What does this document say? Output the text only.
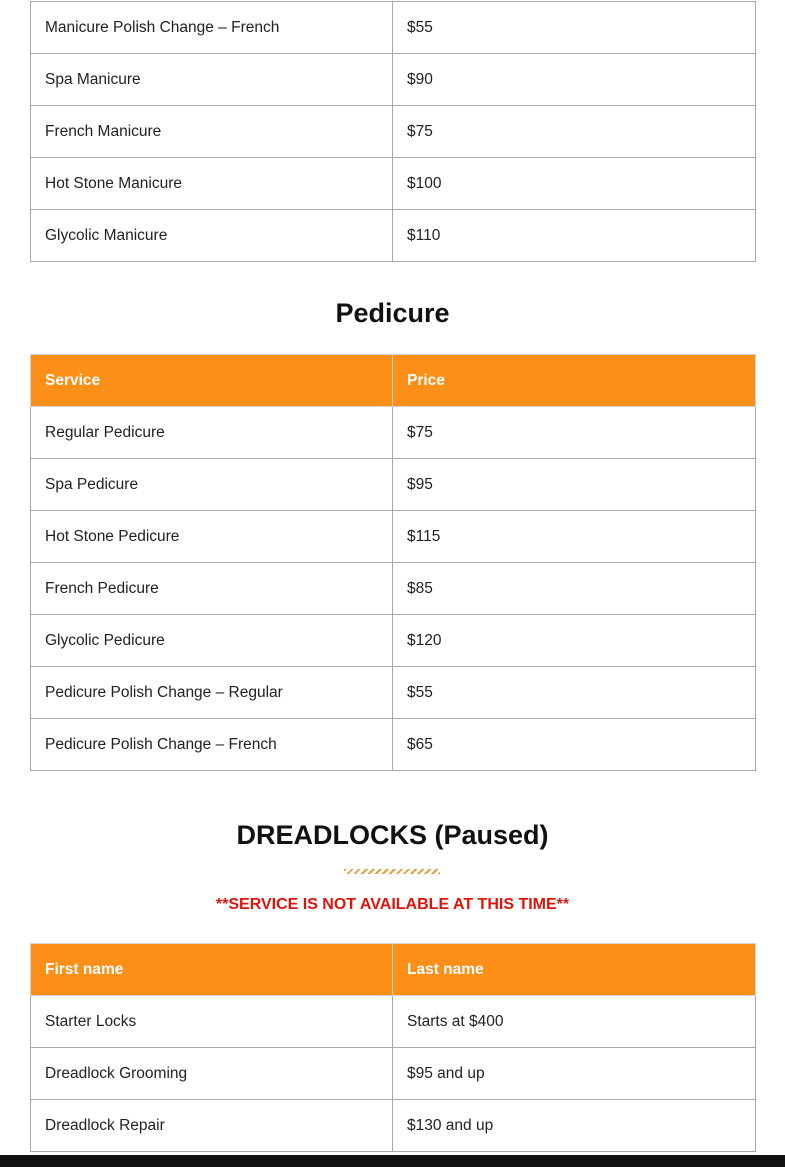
Manicure Polish Change – French	$55
Spa Manicure	$90
French Manicure	$75
Hot Stone Manicure	$100
Glycolic Manicure	$110
Pedicure
Service	Price
Regular Pedicure	$75
Spa Pedicure	$95
Hot Stone Pedicure	$115
French Pedicure	$85
Glycolic Pedicure	$120
Pedicure Polish Change – Regular	$55
Pedicure Polish Change – French	$65
DREADLOCKS (Paused)
**SERVICE IS NOT AVAILABLE AT THIS TIME**
First name	Last name
Starter Locks	Starts at $400
Dreadlock Grooming	$95 and up
Dreadlock Repair	$130 and up
